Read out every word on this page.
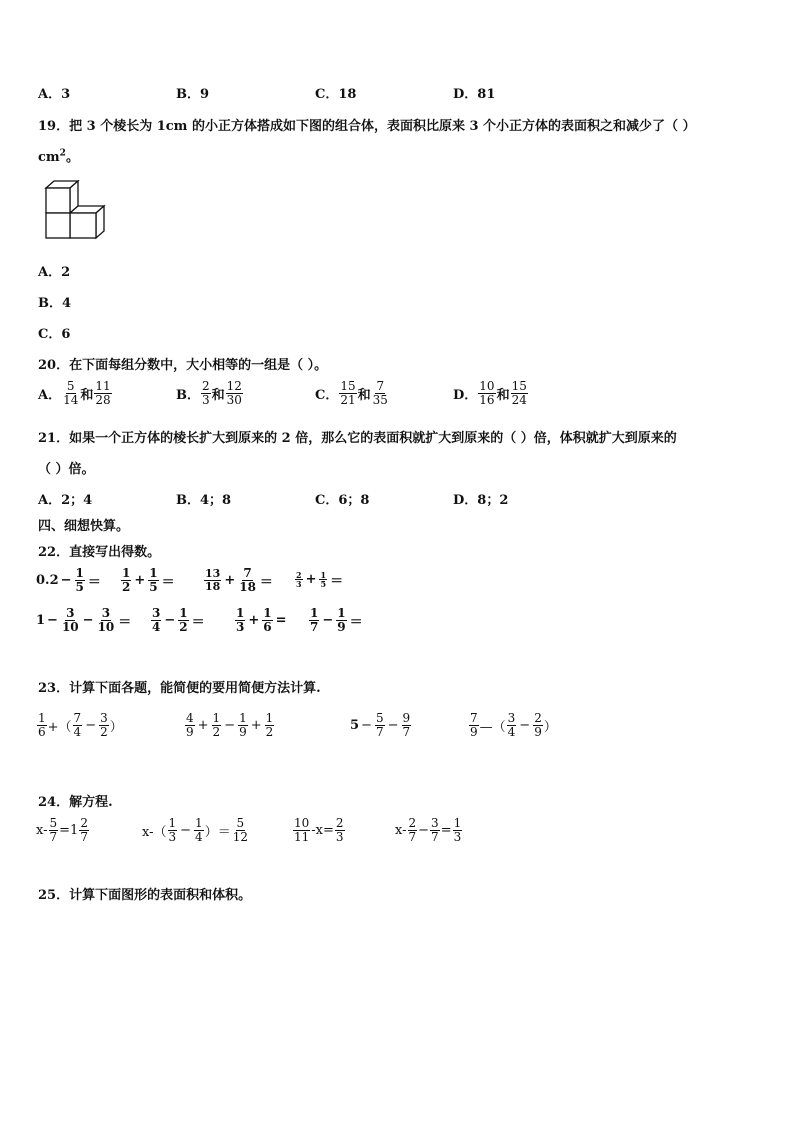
A．3	B．9	C．18	D．81
19．把 3 个棱长为 1cm 的小正方体搭成如下图的组合体，表面积比原来 3 个小正方体的表面积之和减少了（ ）
$cm^2$。
A．2
B．4
C．6
20．在下面每组分数中，大小相等的一组是（ ）。
A． $\frac{5}{14}$ 和 $\frac{11}{28}$	B． $\frac{2}{3}$ 和 $\frac{12}{30}$	C． $\frac{15}{21}$ 和 $\frac{7}{35}$	D． $\frac{10}{16}$ 和 $\frac{15}{24}$
21．如果一个正方体的棱长扩大到原来的 2 倍，那么它的表面积就扩大到原来的（ ）倍，体积就扩大到原来的
（ ）倍。
A．2；4	B．4；8	C．6；8	D．8；2
四、细想快算。
22．直接写出得数。
$0.2 - \frac{1}{5} = \frac{1}{2} + \frac{1}{5}$ ＝	$\frac{13}{18} + \frac{7}{18}$ ＝	$\frac{2}{3} + \frac{1}{5}$ ＝
$1 - \frac{3}{10} - \frac{3}{10} = \frac{3}{4} - \frac{1}{2}$ ＝	$\frac{1}{3} + \frac{1}{6} = \frac{1}{7} - \frac{1}{9}$ ＝
23．计算下面各题，能简便的要用简便方法计算.
$\frac{1}{6}$ +（ $\frac{7}{4} - \frac{3}{2}$ ）	$\frac{4}{9} + \frac{1}{2} - \frac{1}{9} + \frac{1}{2}$	$5 - \frac{5}{7} - \frac{9}{7}$	$\frac{7}{9}$ —（ $\frac{3}{4} - \frac{2}{9}$ ）
24．解方程.
$x- \frac{5}{7} =1 \frac{2}{7}$	$x-( \frac{1}{3} - \frac{1}{4}$ ）＝ $\frac{5}{12}$	$\frac{10}{11} -x= \frac{2}{3}$	$x- \frac{2}{7} - \frac{3}{7} = \frac{1}{3}$
25．计算下面图形的表面积和体积。
